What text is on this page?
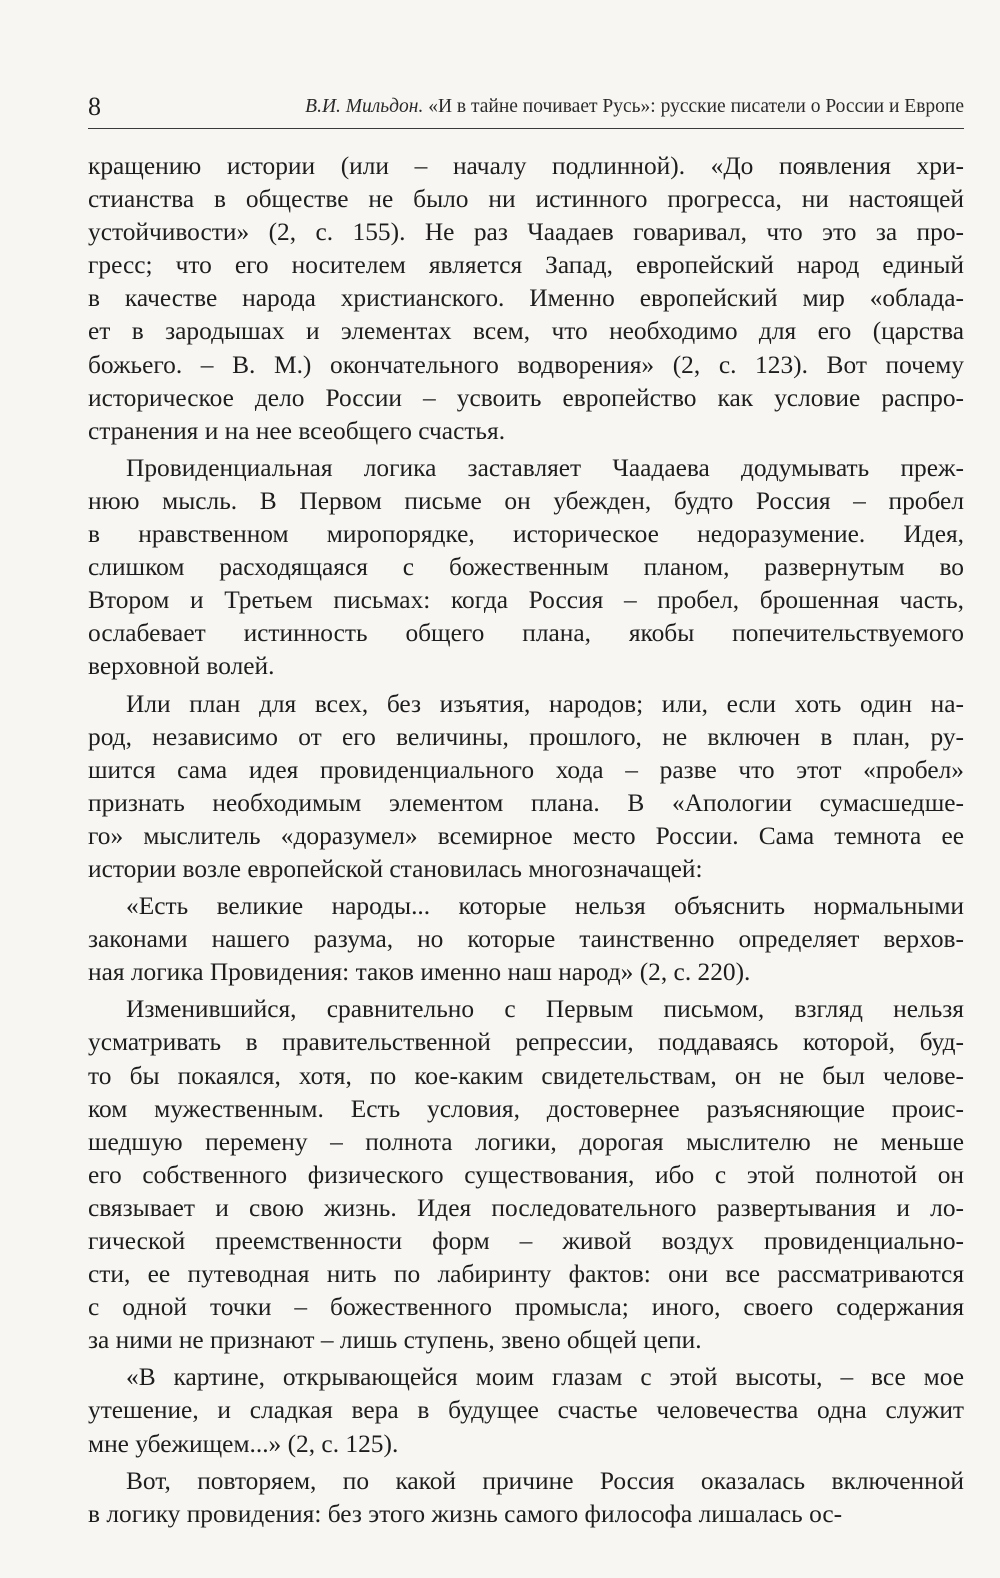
8	В.И. Мильдон. «И в тайне почивает Русь»: русские писатели о России и Европе
кращению истории (или – началу подлинной). «До появления хри-
стианства в обществе не было ни истинного прогресса, ни настоящей
устойчивости» (2, с. 155). Не раз Чаадаев говаривал, что это за про-
гресс; что его носителем является Запад, европейский народ единый
в качестве народа христианского. Именно европейский мир «облада-
ет в зародышах и элементах всем, что необходимо для его (царства
божьего. – В. М.) окончательного водворения» (2, с. 123). Вот почему
историческое дело России – усвоить европейство как условие распро-
странения и на нее всеобщего счастья.
Провиденциальная логика заставляет Чаадаева додумывать преж-
нюю мысль. В Первом письме он убежден, будто Россия – пробел
в нравственном миропорядке, историческое недоразумение. Идея,
слишком расходящаяся с божественным планом, развернутым во
Втором и Третьем письмах: когда Россия – пробел, брошенная часть,
ослабевает истинность общего плана, якобы попечительствуемого
верховной волей.
Или план для всех, без изъятия, народов; или, если хоть один на-
род, независимо от его величины, прошлого, не включен в план, ру-
шится сама идея провиденциального хода – разве что этот «пробел»
признать необходимым элементом плана. В «Апологии сумасшедше-
го» мыслитель «доразумел» всемирное место России. Сама темнота ее
истории возле европейской становилась многозначащей:
«Есть великие народы... которые нельзя объяснить нормальными
законами нашего разума, но которые таинственно определяет верхов-
ная логика Провидения: таков именно наш народ» (2, с. 220).
Изменившийся, сравнительно с Первым письмом, взгляд нельзя
усматривать в правительственной репрессии, поддаваясь которой, буд-
то бы покаялся, хотя, по кое-каким свидетельствам, он не был челове-
ком мужественным. Есть условия, достовернее разъясняющие проис-
шедшую перемену – полнота логики, дорогая мыслителю не меньше
его собственного физического существования, ибо с этой полнотой он
связывает и свою жизнь. Идея последовательного развертывания и ло-
гической преемственности форм – живой воздух провиденциально-
сти, ее путеводная нить по лабиринту фактов: они все рассматриваются
с одной точки – божественного промысла; иного, своего содержания
за ними не признают – лишь ступень, звено общей цепи.
«В картине, открывающейся моим глазам с этой высоты, – все мое
утешение, и сладкая вера в будущее счастье человечества одна служит
мне убежищем...» (2, с. 125).
Вот, повторяем, по какой причине Россия оказалась включенной
в логику провидения: без этого жизнь самого философа лишалась ос-
